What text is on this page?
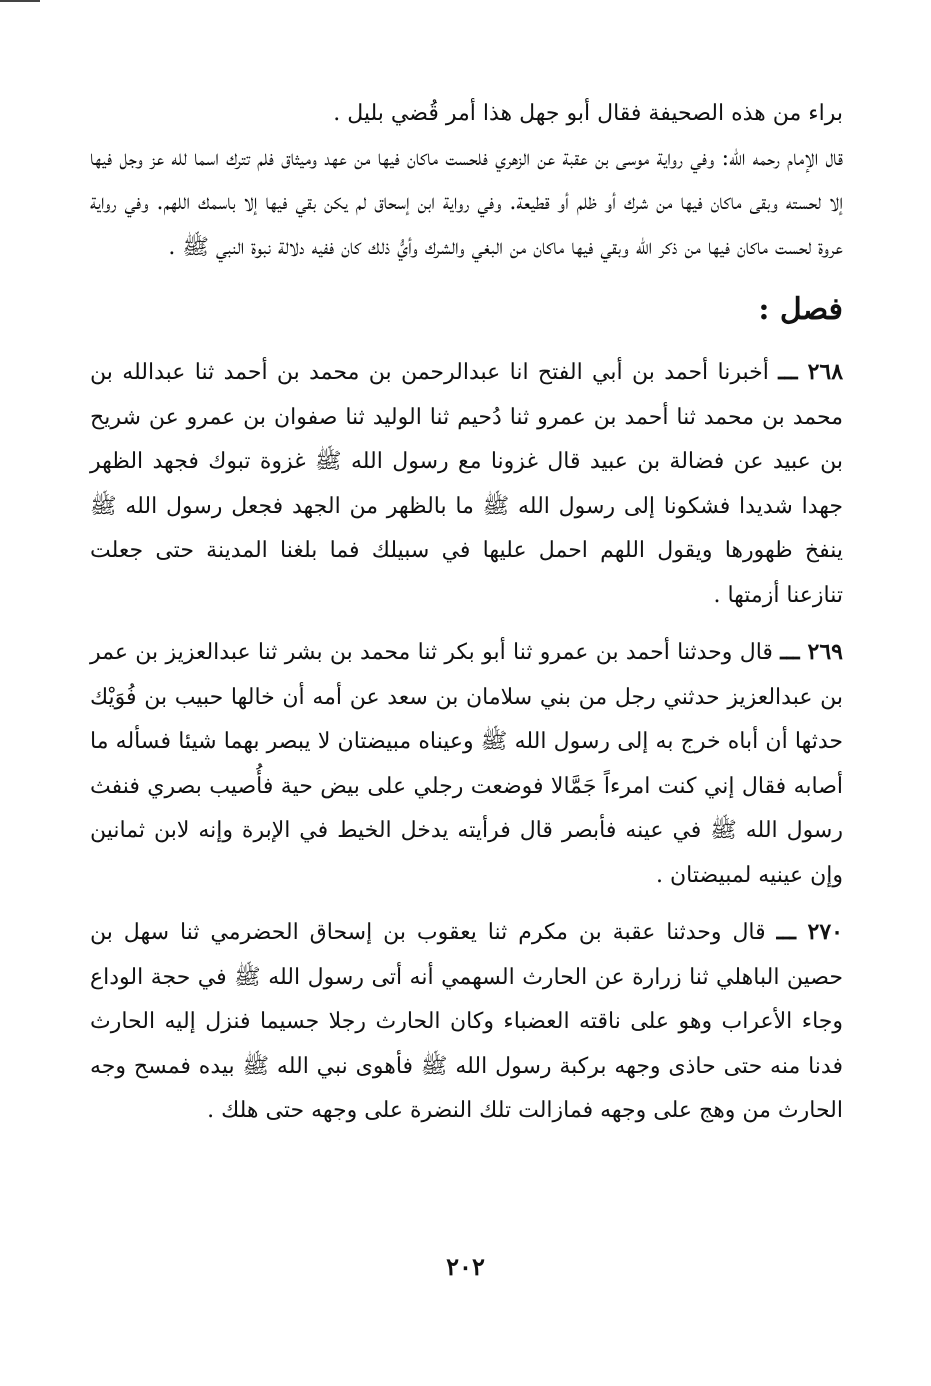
براء من هذه الصحيفة فقال أبو جهل هذا أمر قُضي بليل .

قال الإمام رحمه الله: وفي رواية موسى بن عقبة عن الزهري فلحست ماكان فيها من عهد وميثاق فلم تترك اسما لله عز وجل فيها إلا لحسته وبقى ماكان فيها من شرك أو ظلم أو قطيعة. وفي رواية ابن إسحاق لم يكن بقي فيها إلا باسمك اللهم. وفي رواية عروة لحست ماكان فيها من ذكر الله وبقي فيها ماكان من البغي والشرك وأيُّ ذلك كان ففيه دلالة نبوة النبي ﷺ .

فصل :

٢٦٨ ـــ أخبرنا أحمد بن أبي الفتح انا عبدالرحمن بن محمد بن أحمد ثنا عبدالله بن محمد بن محمد ثنا أحمد بن عمرو ثنا دُحيم ثنا الوليد ثنا صفوان بن عمرو عن شريح بن عبيد عن فضالة بن عبيد قال غزونا مع رسول الله ﷺ غزوة تبوك فجهد الظهر جهدا شديدا فشكونا إلى رسول الله ﷺ ما بالظهر من الجهد فجعل رسول الله ﷺ ينفخ ظهورها ويقول اللهم احمل عليها في سبيلك فما بلغنا المدينة حتى جعلت تنازعنا أزمتها .

٢٦٩ ـــ قال وحدثنا أحمد بن عمرو ثنا أبو بكر ثنا محمد بن بشر ثنا عبدالعزيز بن عمر بن عبدالعزيز حدثني رجل من بني سلامان بن سعد عن أمه أن خالها حبيب بن فُوَيْك حدثها أن أباه خرج به إلى رسول الله ﷺ وعيناه مبيضتان لا يبصر بهما شيئا فسأله ما أصابه فقال إني كنت امرءاً جَمَّالا فوضعت رجلي على بيض حية فأُصيب بصري فنفث رسول الله ﷺ في عينه فأبصر قال فرأيته يدخل الخيط في الإبرة وإنه لابن ثمانين وإن عينيه لمبيضتان .

٢٧٠ ـــ قال وحدثنا عقبة بن مكرم ثنا يعقوب بن إسحاق الحضرمي ثنا سهل بن حصين الباهلي ثنا زرارة عن الحارث السهمي أنه أتى رسول الله ﷺ في حجة الوداع وجاء الأعراب وهو على ناقته العضباء وكان الحارث رجلا جسيما فنزل إليه الحارث فدنا منه حتى حاذى وجهه بركبة رسول الله ﷺ فأهوى نبي الله ﷺ بيده فمسح وجه الحارث من وهج على وجهه فمازالت تلك النضرة على وجهه حتى هلك .

٢٠٢
